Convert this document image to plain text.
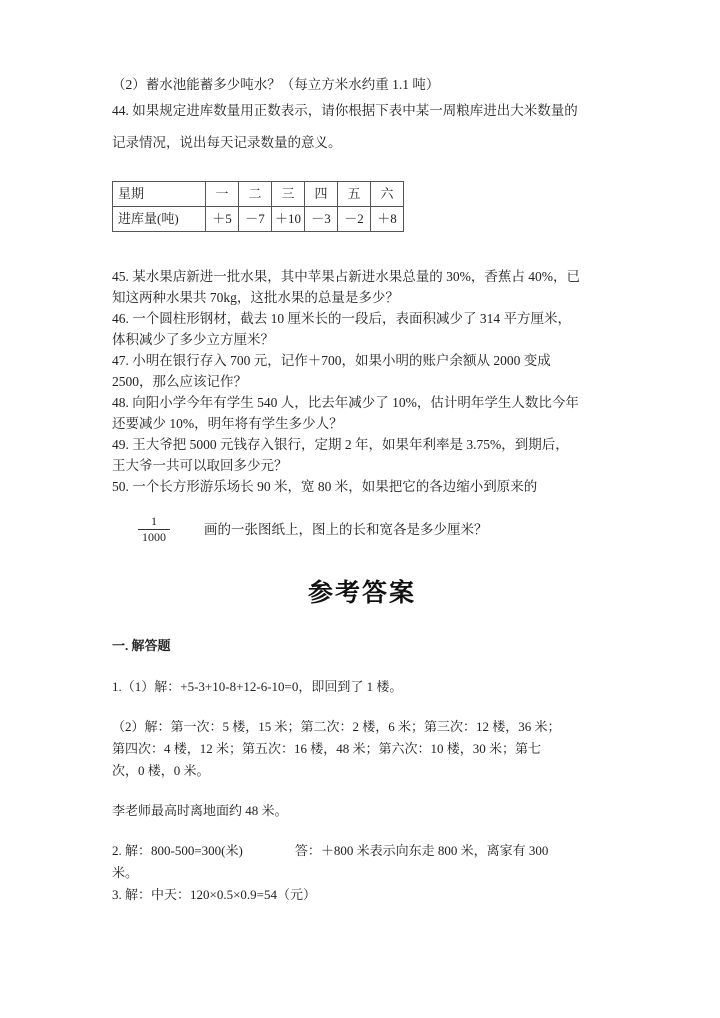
（2）蓄水池能蓄多少吨水？（每立方米水约重 1.1 吨）
44. 如果规定进库数量用正数表示，请你根据下表中某一周粮库进出大米数量的
记录情况，说出每天记录数量的意义。
星期	一	二	三	四	五	六
进库量(吨)	＋5	－7	＋10	－3	－2	＋8
45. 某水果店新进一批水果，其中苹果占新进水果总量的 30%，香蕉占 40%，已
知这两种水果共 70kg，这批水果的总量是多少？
46. 一个圆柱形钢材，截去 10 厘米长的一段后，表面积减少了 314 平方厘米，
体积减少了多少立方厘米？
47. 小明在银行存入 700 元，记作＋700，如果小明的账户余额从 2000 变成
2500，那么应该记作？
48. 向阳小学今年有学生 540 人，比去年减少了 10%，估计明年学生人数比今年
还要减少 10%，明年将有学生多少人？
49. 王大爷把 5000 元钱存入银行，定期 2 年，如果年利率是 3.75%，到期后，
王大爷一共可以取回多少元？
50. 一个长方形游乐场长 90 米，宽 80 米，如果把它的各边缩小到原来的
$\frac{1}{1000}$	画的一张图纸上，图上的长和宽各是多少厘米？
参考答案
一. 解答题
1.（1）解：+5-3+10-8+12-6-10=0，即回到了 1 楼。
（2）解：第一次：5 楼，15 米；第二次：2 楼，6 米；第三次：12 楼，36 米；
第四次：4 楼，12 米；第五次：16 楼，48 米；第六次：10 楼，30 米；第七
次，0 楼，0 米。
李老师最高时离地面约 48 米。
2. 解：800-500=300(米)	答：＋800 米表示向东走 800 米，离家有 300
米。
3. 解：中天：120×0.5×0.9=54（元）
